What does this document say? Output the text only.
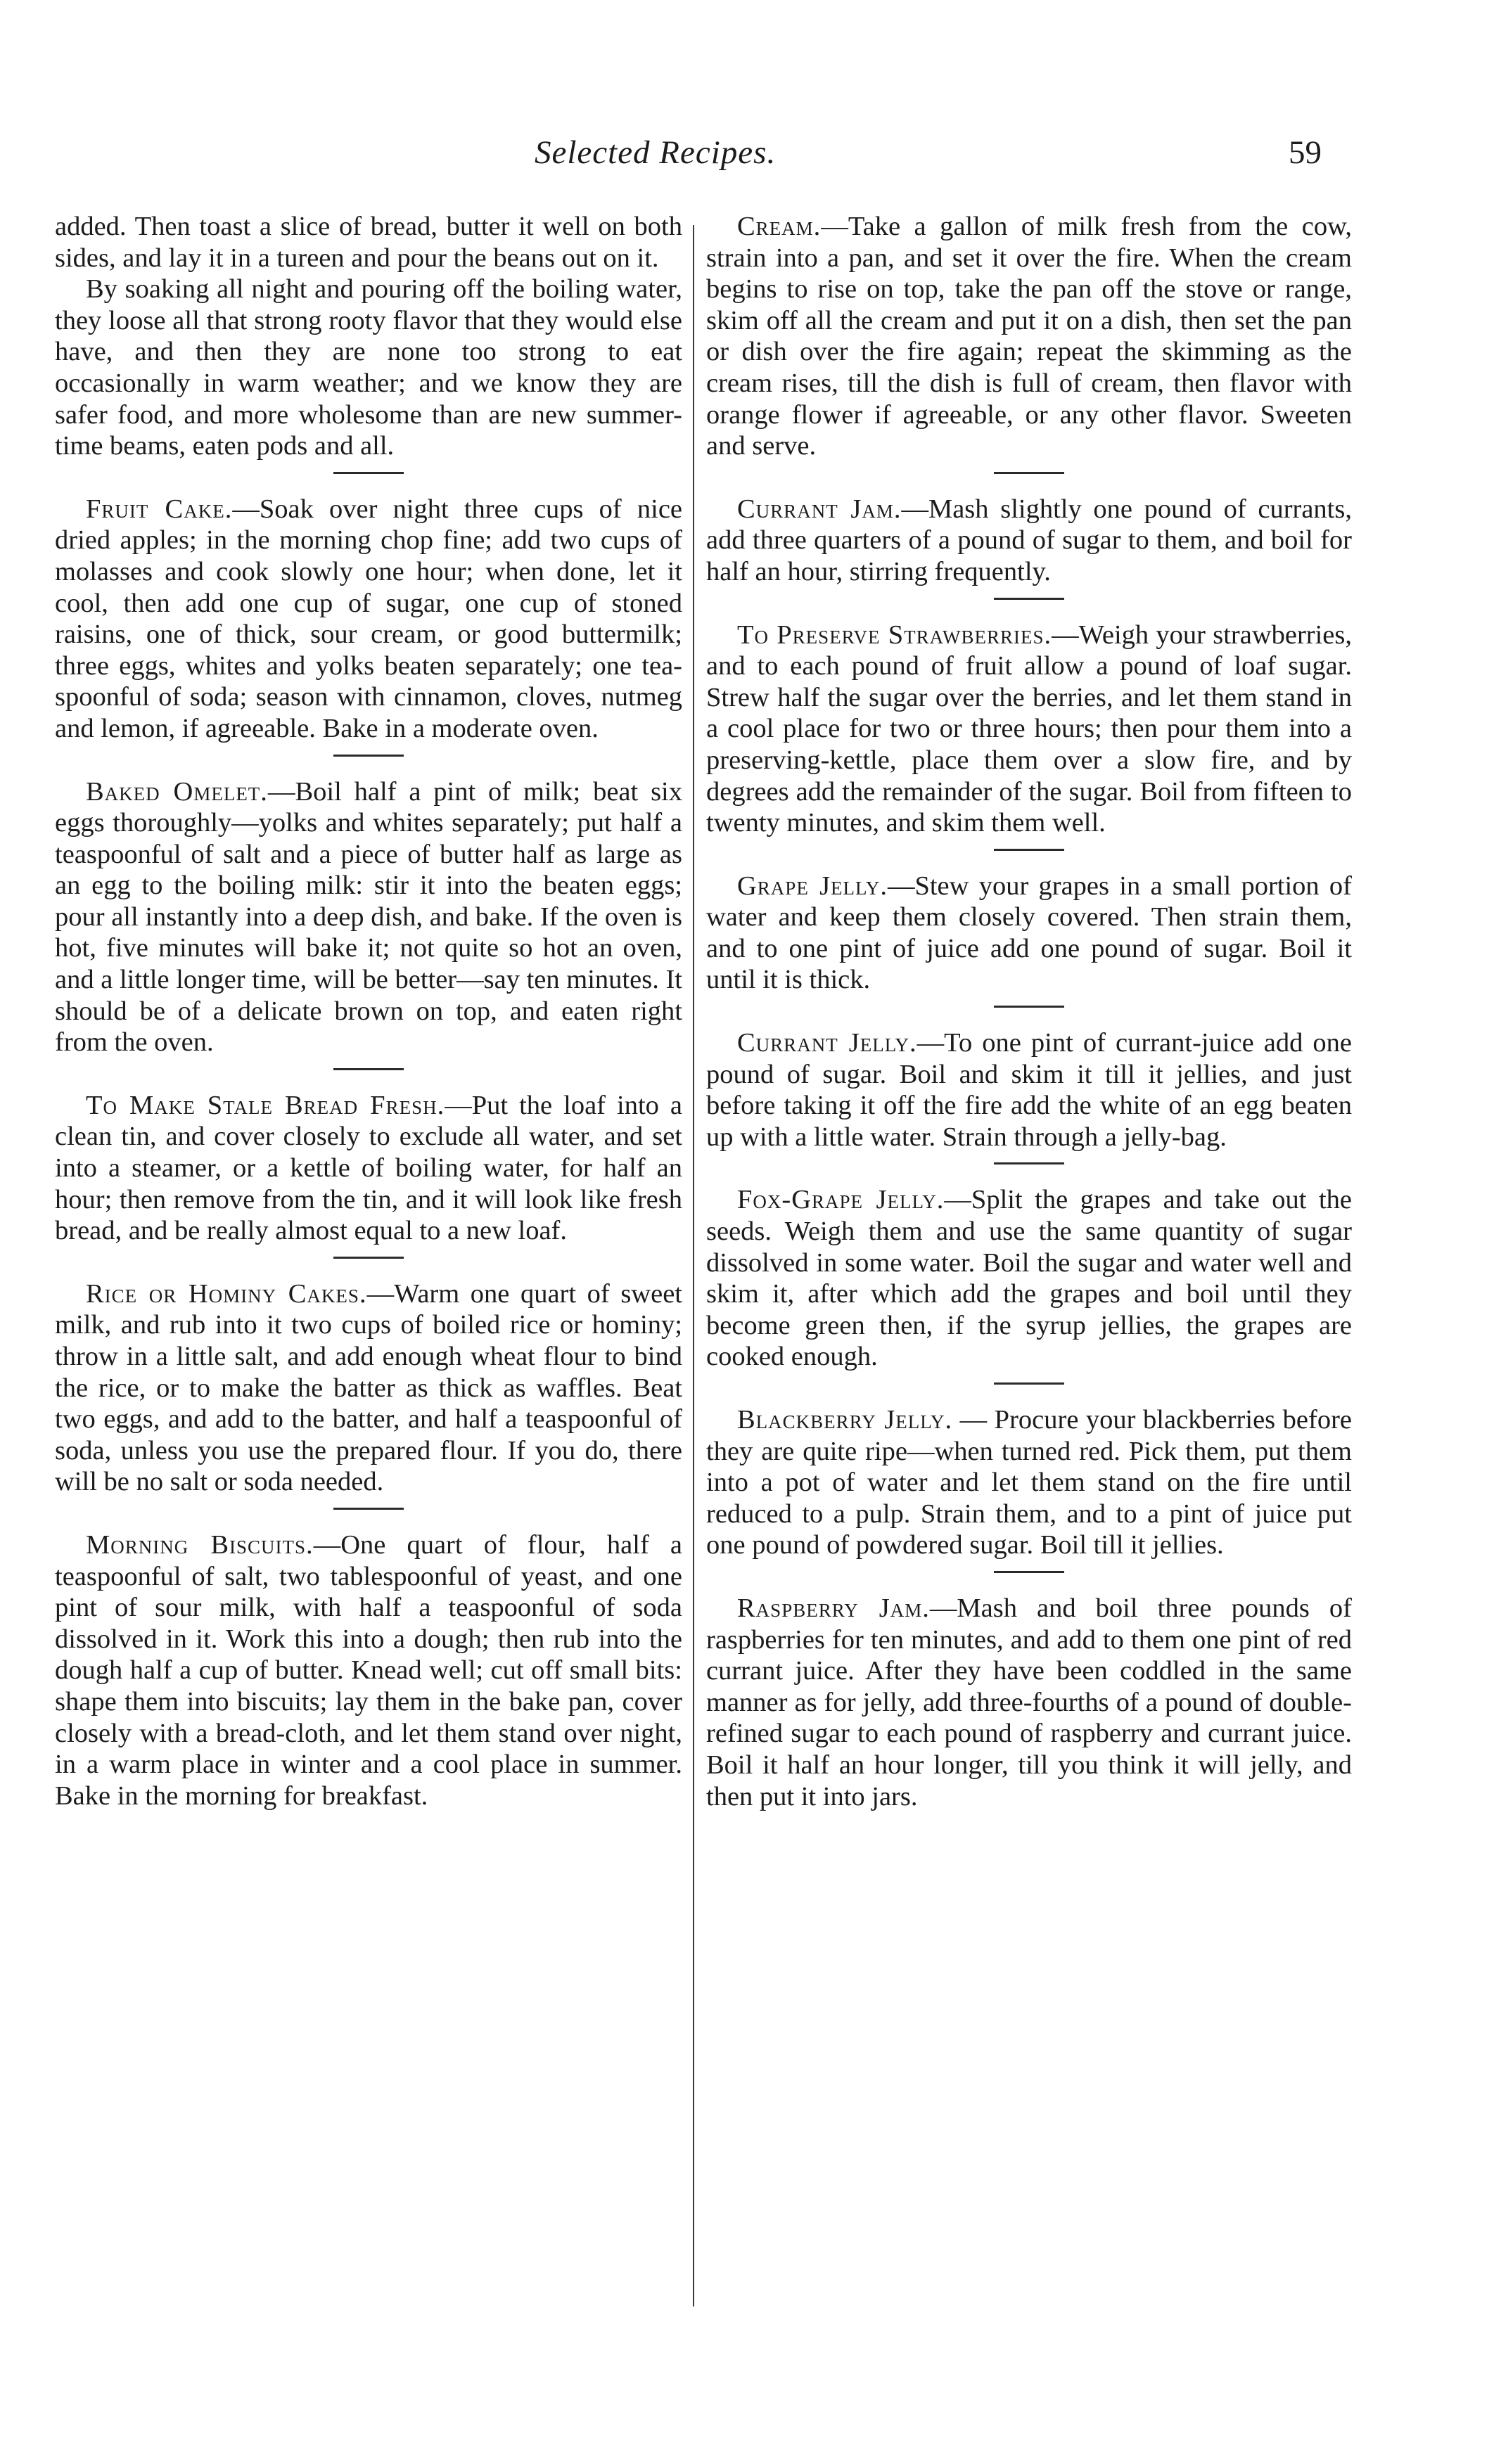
Selected Recipes.	59

added. Then toast a slice of bread, butter it well on both sides, and lay it in a tureen and pour the beans out on it.

By soaking all night and pouring off the boiling water, they loose all that strong rooty flavor that they would else have, and then they are none too strong to eat occasionally in warm weather; and we know they are safer food, and more wholesome than are new summer-time beams, eaten pods and all.

Fruit Cake.—Soak over night three cups of nice dried apples; in the morning chop fine; add two cups of molasses and cook slowly one hour; when done, let it cool, then add one cup of sugar, one cup of stoned raisins, one of thick, sour cream, or good buttermilk; three eggs, whites and yolks beaten separately; one tea-spoonful of soda; season with cinnamon, cloves, nutmeg and lemon, if agreeable. Bake in a moderate oven.

Baked Omelet.—Boil half a pint of milk; beat six eggs thoroughly—yolks and whites separately; put half a teaspoonful of salt and a piece of butter half as large as an egg to the boiling milk: stir it into the beaten eggs; pour all instantly into a deep dish, and bake. If the oven is hot, five minutes will bake it; not quite so hot an oven, and a little longer time, will be better—say ten minutes. It should be of a delicate brown on top, and eaten right from the oven.

To Make Stale Bread Fresh.—Put the loaf into a clean tin, and cover closely to exclude all water, and set into a steamer, or a kettle of boiling water, for half an hour; then remove from the tin, and it will look like fresh bread, and be really almost equal to a new loaf.

Rice or Hominy Cakes.—Warm one quart of sweet milk, and rub into it two cups of boiled rice or hominy; throw in a little salt, and add enough wheat flour to bind the rice, or to make the batter as thick as waffles. Beat two eggs, and add to the batter, and half a teaspoonful of soda, unless you use the prepared flour. If you do, there will be no salt or soda needed.

Morning Biscuits.—One quart of flour, half a teaspoonful of salt, two tablespoonful of yeast, and one pint of sour milk, with half a teaspoonful of soda dissolved in it. Work this into a dough; then rub into the dough half a cup of butter. Knead well; cut off small bits: shape them into biscuits; lay them in the bake pan, cover closely with a bread-cloth, and let them stand over night, in a warm place in winter and a cool place in summer. Bake in the morning for breakfast.

Cream.—Take a gallon of milk fresh from the cow, strain into a pan, and set it over the fire. When the cream begins to rise on top, take the pan off the stove or range, skim off all the cream and put it on a dish, then set the pan or dish over the fire again; repeat the skimming as the cream rises, till the dish is full of cream, then flavor with orange flower if agreeable, or any other flavor. Sweeten and serve.

Currant Jam.—Mash slightly one pound of currants, add three quarters of a pound of sugar to them, and boil for half an hour, stirring frequently.

To Preserve Strawberries.—Weigh your strawberries, and to each pound of fruit allow a pound of loaf sugar. Strew half the sugar over the berries, and let them stand in a cool place for two or three hours; then pour them into a preserving-kettle, place them over a slow fire, and by degrees add the remainder of the sugar. Boil from fifteen to twenty minutes, and skim them well.

Grape Jelly.—Stew your grapes in a small portion of water and keep them closely covered. Then strain them, and to one pint of juice add one pound of sugar. Boil it until it is thick.

Currant Jelly.—To one pint of currant-juice add one pound of sugar. Boil and skim it till it jellies, and just before taking it off the fire add the white of an egg beaten up with a little water. Strain through a jelly-bag.

Fox-Grape Jelly.—Split the grapes and take out the seeds. Weigh them and use the same quantity of sugar dissolved in some water. Boil the sugar and water well and skim it, after which add the grapes and boil until they become green then, if the syrup jellies, the grapes are cooked enough.

Blackberry Jelly. — Procure your blackberries before they are quite ripe—when turned red. Pick them, put them into a pot of water and let them stand on the fire until reduced to a pulp. Strain them, and to a pint of juice put one pound of powdered sugar. Boil till it jellies.

Raspberry Jam.—Mash and boil three pounds of raspberries for ten minutes, and add to them one pint of red currant juice. After they have been coddled in the same manner as for jelly, add three-fourths of a pound of double-refined sugar to each pound of raspberry and currant juice. Boil it half an hour longer, till you think it will jelly, and then put it into jars.
